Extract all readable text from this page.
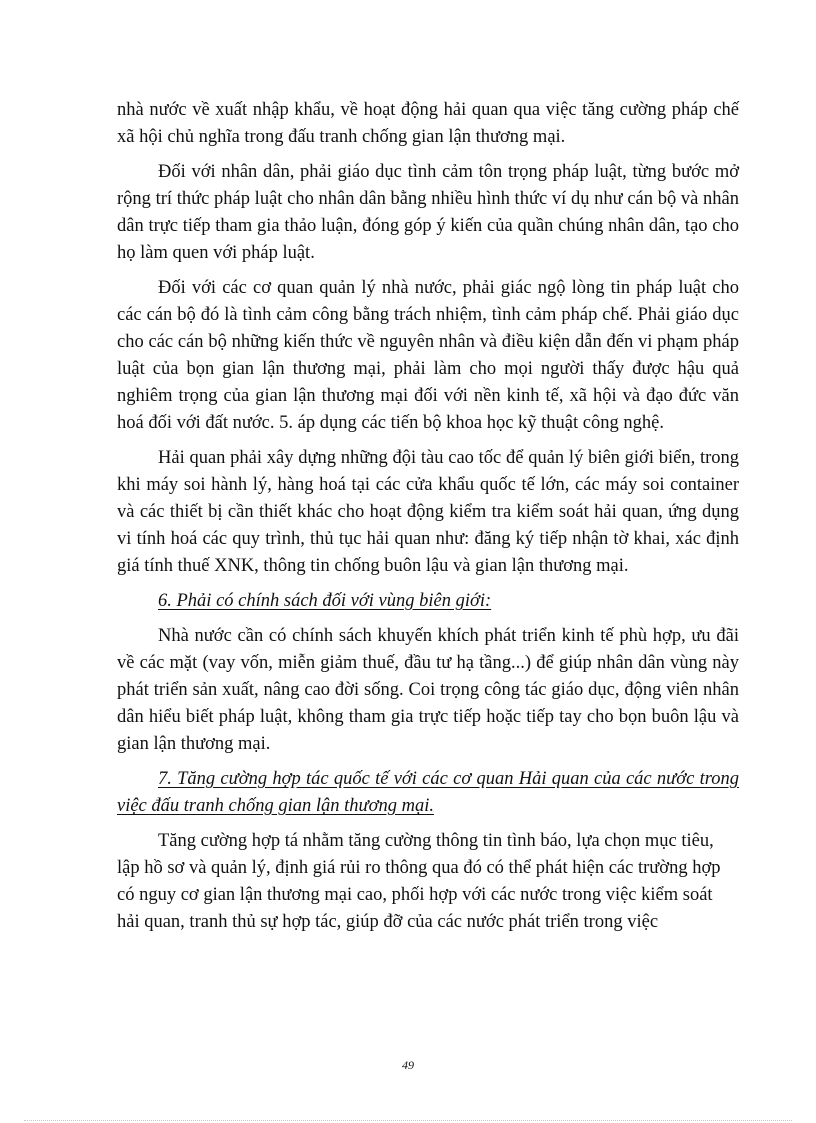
nhà nước về xuất nhập khẩu, về hoạt động hải quan qua việc tăng cường pháp chế xã hội chủ nghĩa trong đấu tranh chống gian lận thương mại.

Đối với nhân dân, phải giáo dục tình cảm tôn trọng pháp luật, từng bước mở rộng trí thức pháp luật cho nhân dân bằng nhiều hình thức ví dụ như cán bộ và nhân dân trực tiếp tham gia thảo luận, đóng góp ý kiến của quần chúng nhân dân, tạo cho họ làm quen với pháp luật.

Đối với các cơ quan quản lý nhà nước, phải giác ngộ lòng tin pháp luật cho các cán bộ đó là tình cảm công bằng trách nhiệm, tình cảm pháp chế. Phải giáo dục cho các cán bộ những kiến thức về nguyên nhân và điều kiện dẫn đến vi phạm pháp luật của bọn gian lận thương mại, phải làm cho mọi người thấy được hậu quả nghiêm trọng của gian lận thương mại đối với nền kinh tế, xã hội và đạo đức văn hoá đối với đất nước. 5. áp dụng các tiến bộ khoa học kỹ thuật công nghệ.

Hải quan phải xây dựng những đội tàu cao tốc để quản lý biên giới biển, trong khi máy soi hành lý, hàng hoá tại các cửa khẩu quốc tế lớn, các máy soi container và các thiết bị cần thiết khác cho hoạt động kiểm tra kiểm soát hải quan, ứng dụng vi tính hoá các quy trình, thủ tục hải quan như: đăng ký tiếp nhận tờ khai, xác định giá tính thuế XNK, thông tin chống buôn lậu và gian lận thương mại.

6. Phải có chính sách đối với vùng biên giới:

Nhà nước cần có chính sách khuyến khích phát triển kinh tế phù hợp, ưu đãi về các mặt (vay vốn, miễn giảm thuế, đầu tư hạ tầng...) để giúp nhân dân vùng này phát triển sản xuất, nâng cao đời sống. Coi trọng công tác giáo dục, động viên nhân dân hiểu biết pháp luật, không tham gia trực tiếp hoặc tiếp tay cho bọn buôn lậu và gian lận thương mại.

7. Tăng cường hợp tác quốc tế với các cơ quan Hải quan của các nước trong việc đấu tranh chống gian lận thương mại.

Tăng cường hợp tá nhằm tăng cường thông tin tình báo, lựa chọn mục tiêu, lập hồ sơ và quản lý, định giá rủi ro thông qua đó có thể phát hiện các trường hợp có nguy cơ gian lận thương mại cao, phối hợp với các nước trong việc kiểm soát hải quan, tranh thủ sự hợp tác, giúp đỡ của các nước phát triển trong việc

49
